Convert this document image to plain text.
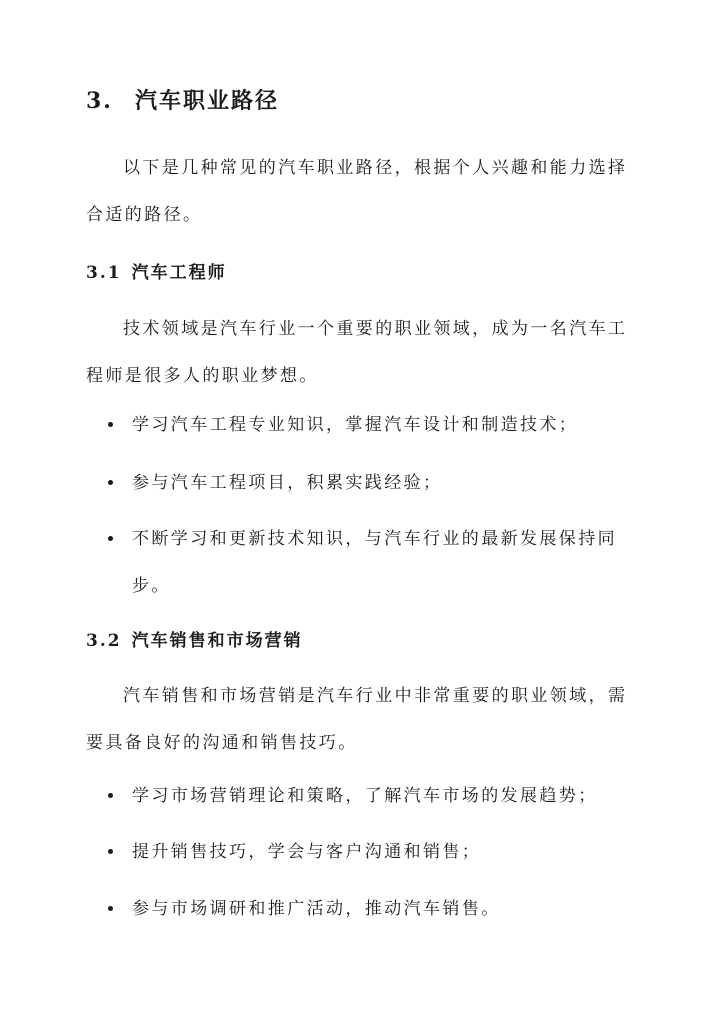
3. 汽车职业路径

以下是几种常见的汽车职业路径，根据个人兴趣和能力选择合适的路径。

3.1 汽车工程师

技术领域是汽车行业一个重要的职业领域，成为一名汽车工程师是很多人的职业梦想。

学习汽车工程专业知识，掌握汽车设计和制造技术；
参与汽车工程项目，积累实践经验；
不断学习和更新技术知识，与汽车行业的最新发展保持同步。
3.2 汽车销售和市场营销

汽车销售和市场营销是汽车行业中非常重要的职业领域，需要具备良好的沟通和销售技巧。

学习市场营销理论和策略，了解汽车市场的发展趋势；
提升销售技巧，学会与客户沟通和销售；
参与市场调研和推广活动，推动汽车销售。
